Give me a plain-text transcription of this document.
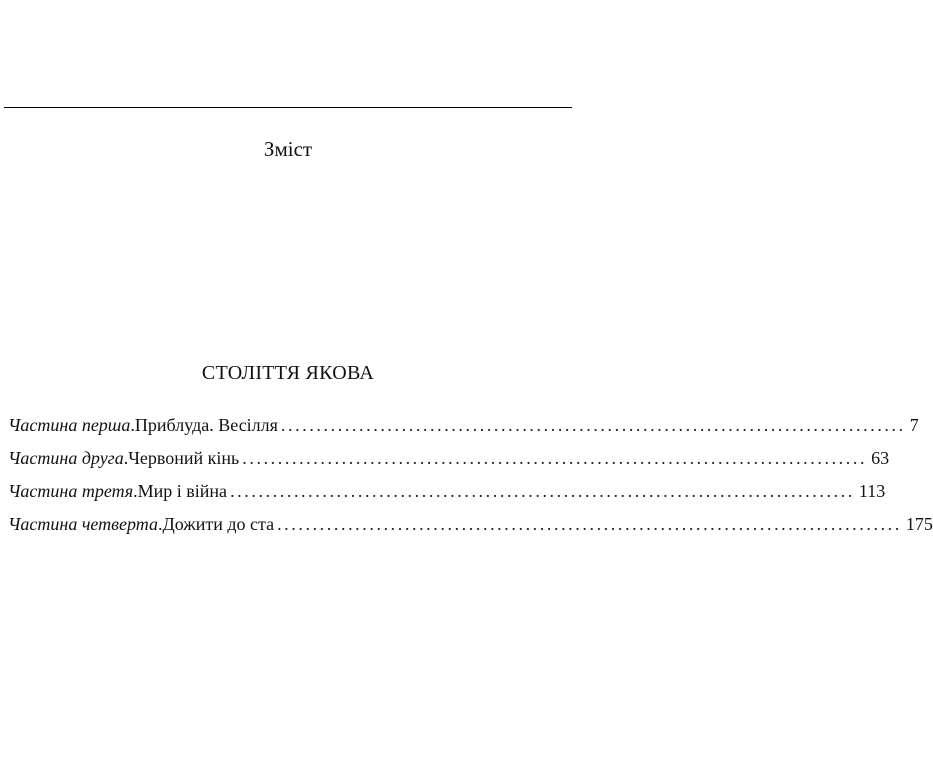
Зміст
СТОЛІТТЯ ЯКОВА
Частина перша . Приблуда. Весілля ........................................................................................ 7
Частина друга . Червоний кінь ........................................................................................ 63
Частина третя . Мир і війна ........................................................................................ 113
Частина четверта . Дожити до ста ........................................................................................ 175
